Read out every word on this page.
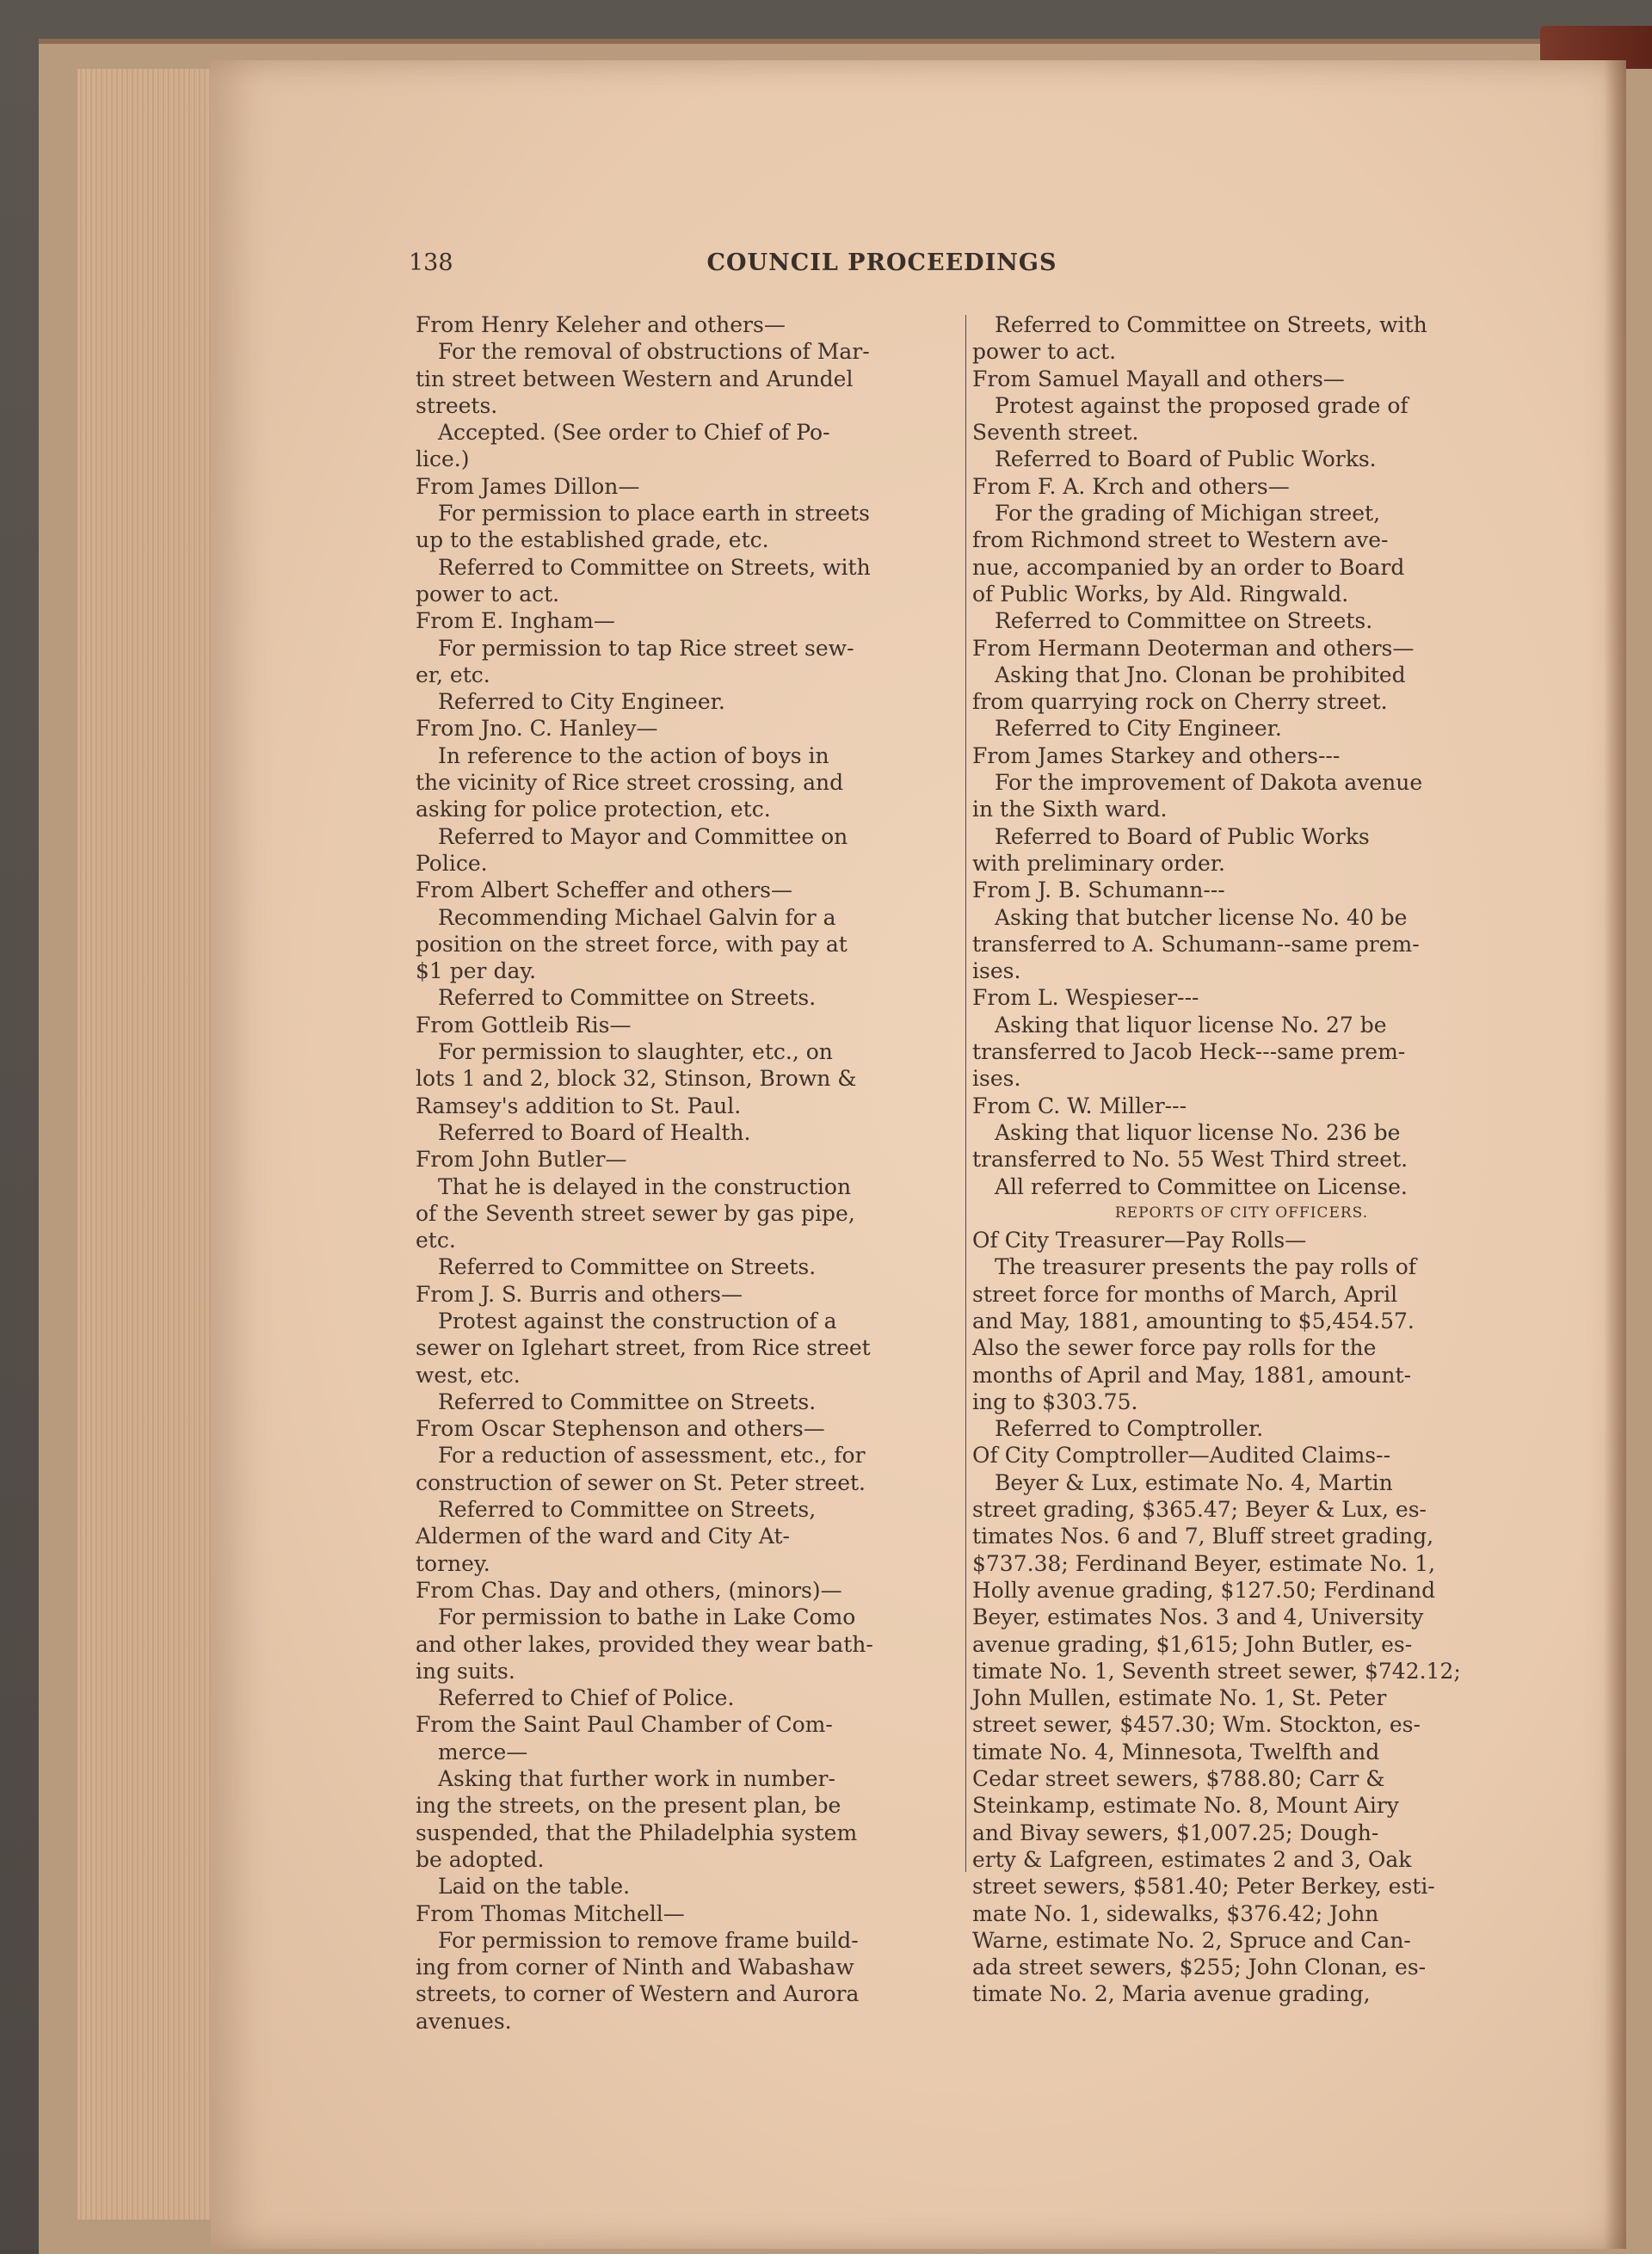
138	COUNCIL PROCEEDINGS
From Henry Keleher and others—
For the removal of obstructions of Mar-
tin street between Western and Arundel
streets.
Accepted. (See order to Chief of Po-
lice.)
From James Dillon—
For permission to place earth in streets
up to the established grade, etc.
Referred to Committee on Streets, with
power to act.
From E. Ingham—
For permission to tap Rice street sew-
er, etc.
Referred to City Engineer.
From Jno. C. Hanley—
In reference to the action of boys in
the vicinity of Rice street crossing, and
asking for police protection, etc.
Referred to Mayor and Committee on
Police.
From Albert Scheffer and others—
Recommending Michael Galvin for a
position on the street force, with pay at
$1 per day.
Referred to Committee on Streets.
From Gottleib Ris—
For permission to slaughter, etc., on
lots 1 and 2, block 32, Stinson, Brown &
Ramsey's addition to St. Paul.
Referred to Board of Health.
From John Butler—
That he is delayed in the construction
of the Seventh street sewer by gas pipe,
etc.
Referred to Committee on Streets.
From J. S. Burris and others—
Protest against the construction of a
sewer on Iglehart street, from Rice street
west, etc.
Referred to Committee on Streets.
From Oscar Stephenson and others—
For a reduction of assessment, etc., for
construction of sewer on St. Peter street.
Referred to Committee on Streets,
Aldermen of the ward and City At-
torney.
From Chas. Day and others, (minors)—
For permission to bathe in Lake Como
and other lakes, provided they wear bath-
ing suits.
Referred to Chief of Police.
From the Saint Paul Chamber of Com-
merce—
Asking that further work in number-
ing the streets, on the present plan, be
suspended, that the Philadelphia system
be adopted.
Laid on the table.
From Thomas Mitchell—
For permission to remove frame build-
ing from corner of Ninth and Wabashaw
streets, to corner of Western and Aurora
avenues.
Referred to Committee on Streets, with
power to act.
From Samuel Mayall and others—
Protest against the proposed grade of
Seventh street.
Referred to Board of Public Works.
From F. A. Krch and others—
For the grading of Michigan street,
from Richmond street to Western ave-
nue, accompanied by an order to Board
of Public Works, by Ald. Ringwald.
Referred to Committee on Streets.
From Hermann Deoterman and others—
Asking that Jno. Clonan be prohibited
from quarrying rock on Cherry street.
Referred to City Engineer.
From James Starkey and others---
For the improvement of Dakota avenue
in the Sixth ward.
Referred to Board of Public Works
with preliminary order.
From J. B. Schumann---
Asking that butcher license No. 40 be
transferred to A. Schumann--same prem-
ises.
From L. Wespieser---
Asking that liquor license No. 27 be
transferred to Jacob Heck---same prem-
ises.
From C. W. Miller---
Asking that liquor license No. 236 be
transferred to No. 55 West Third street.
All referred to Committee on License.
REPORTS OF CITY OFFICERS.
Of City Treasurer—Pay Rolls—
The treasurer presents the pay rolls of
street force for months of March, April
and May, 1881, amounting to $5,454.57.
Also the sewer force pay rolls for the
months of April and May, 1881, amount-
ing to $303.75.
Referred to Comptroller.
Of City Comptroller—Audited Claims--
Beyer & Lux, estimate No. 4, Martin
street grading, $365.47; Beyer & Lux, es-
timates Nos. 6 and 7, Bluff street grading,
$737.38; Ferdinand Beyer, estimate No. 1,
Holly avenue grading, $127.50; Ferdinand
Beyer, estimates Nos. 3 and 4, University
avenue grading, $1,615; John Butler, es-
timate No. 1, Seventh street sewer, $742.12;
John Mullen, estimate No. 1, St. Peter
street sewer, $457.30; Wm. Stockton, es-
timate No. 4, Minnesota, Twelfth and
Cedar street sewers, $788.80; Carr &
Steinkamp, estimate No. 8, Mount Airy
and Bivay sewers, $1,007.25; Dough-
erty & Lafgreen, estimates 2 and 3, Oak
street sewers, $581.40; Peter Berkey, esti-
mate No. 1, sidewalks, $376.42; John
Warne, estimate No. 2, Spruce and Can-
ada street sewers, $255; John Clonan, es-
timate No. 2, Maria avenue grading,
